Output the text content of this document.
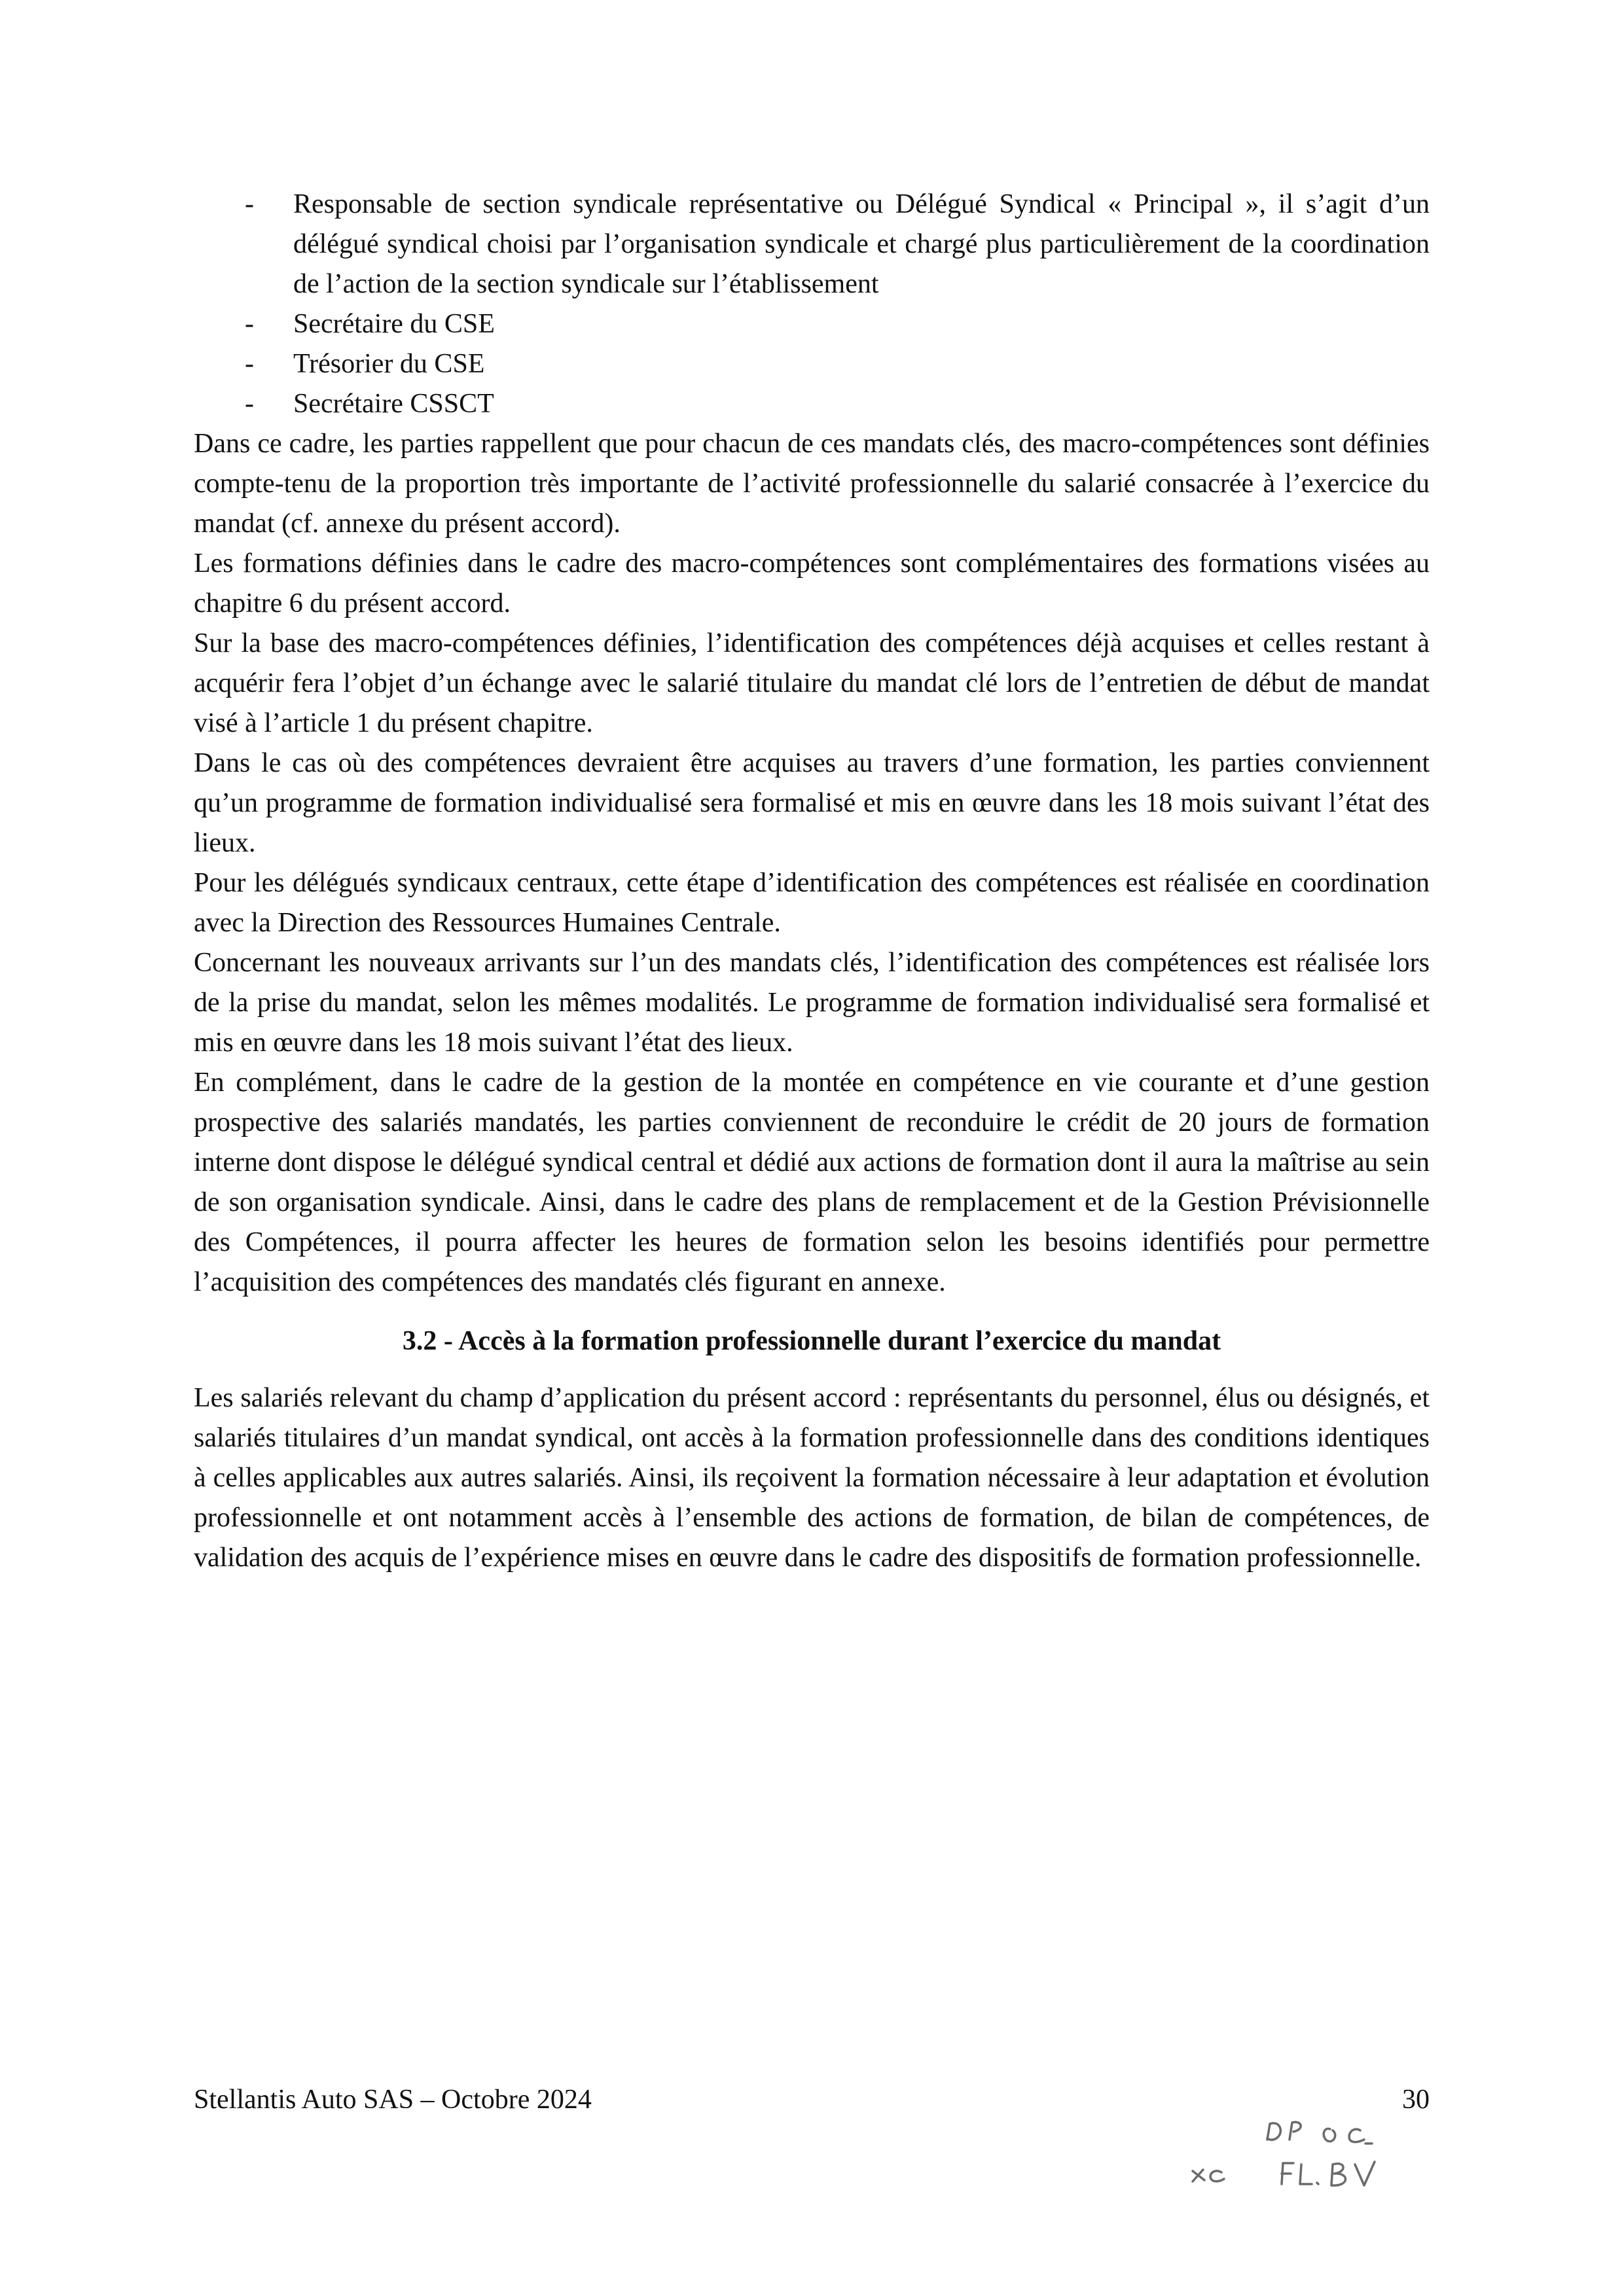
- Responsable de section syndicale représentative ou Délégué Syndical « Principal », il s’agit d’un délégué syndical choisi par l’organisation syndicale et chargé plus particulièrement de la coordination de l’action de la section syndicale sur l’établissement
- Secrétaire du CSE
- Trésorier du CSE
- Secrétaire CSSCT

Dans ce cadre, les parties rappellent que pour chacun de ces mandats clés, des macro-compétences sont définies compte-tenu de la proportion très importante de l’activité professionnelle du salarié consacrée à l’exercice du mandat (cf. annexe du présent accord).

Les formations définies dans le cadre des macro-compétences sont complémentaires des formations visées au chapitre 6 du présent accord.

Sur la base des macro-compétences définies, l’identification des compétences déjà acquises et celles restant à acquérir fera l’objet d’un échange avec le salarié titulaire du mandat clé lors de l’entretien de début de mandat visé à l’article 1 du présent chapitre.

Dans le cas où des compétences devraient être acquises au travers d’une formation, les parties conviennent qu’un programme de formation individualisé sera formalisé et mis en œuvre dans les 18 mois suivant l’état des lieux.

Pour les délégués syndicaux centraux, cette étape d’identification des compétences est réalisée en coordination avec la Direction des Ressources Humaines Centrale.

Concernant les nouveaux arrivants sur l’un des mandats clés, l’identification des compétences est réalisée lors de la prise du mandat, selon les mêmes modalités. Le programme de formation individualisé sera formalisé et mis en œuvre dans les 18 mois suivant l’état des lieux.

En complément, dans le cadre de la gestion de la montée en compétence en vie courante et d’une gestion prospective des salariés mandatés, les parties conviennent de reconduire le crédit de 20 jours de formation interne dont dispose le délégué syndical central et dédié aux actions de formation dont il aura la maîtrise au sein de son organisation syndicale. Ainsi, dans le cadre des plans de remplacement et de la Gestion Prévisionnelle des Compétences, il pourra affecter les heures de formation selon les besoins identifiés pour permettre l’acquisition des compétences des mandatés clés figurant en annexe.

3.2 - Accès à la formation professionnelle durant l’exercice du mandat

Les salariés relevant du champ d’application du présent accord : représentants du personnel, élus ou désignés, et salariés titulaires d’un mandat syndical, ont accès à la formation professionnelle dans des conditions identiques à celles applicables aux autres salariés. Ainsi, ils reçoivent la formation nécessaire à leur adaptation et évolution professionnelle et ont notamment accès à l’ensemble des actions de formation, de bilan de compétences, de validation des acquis de l’expérience mises en œuvre dans le cadre des dispositifs de formation professionnelle.

Stellantis Auto SAS – Octobre 2024	30
